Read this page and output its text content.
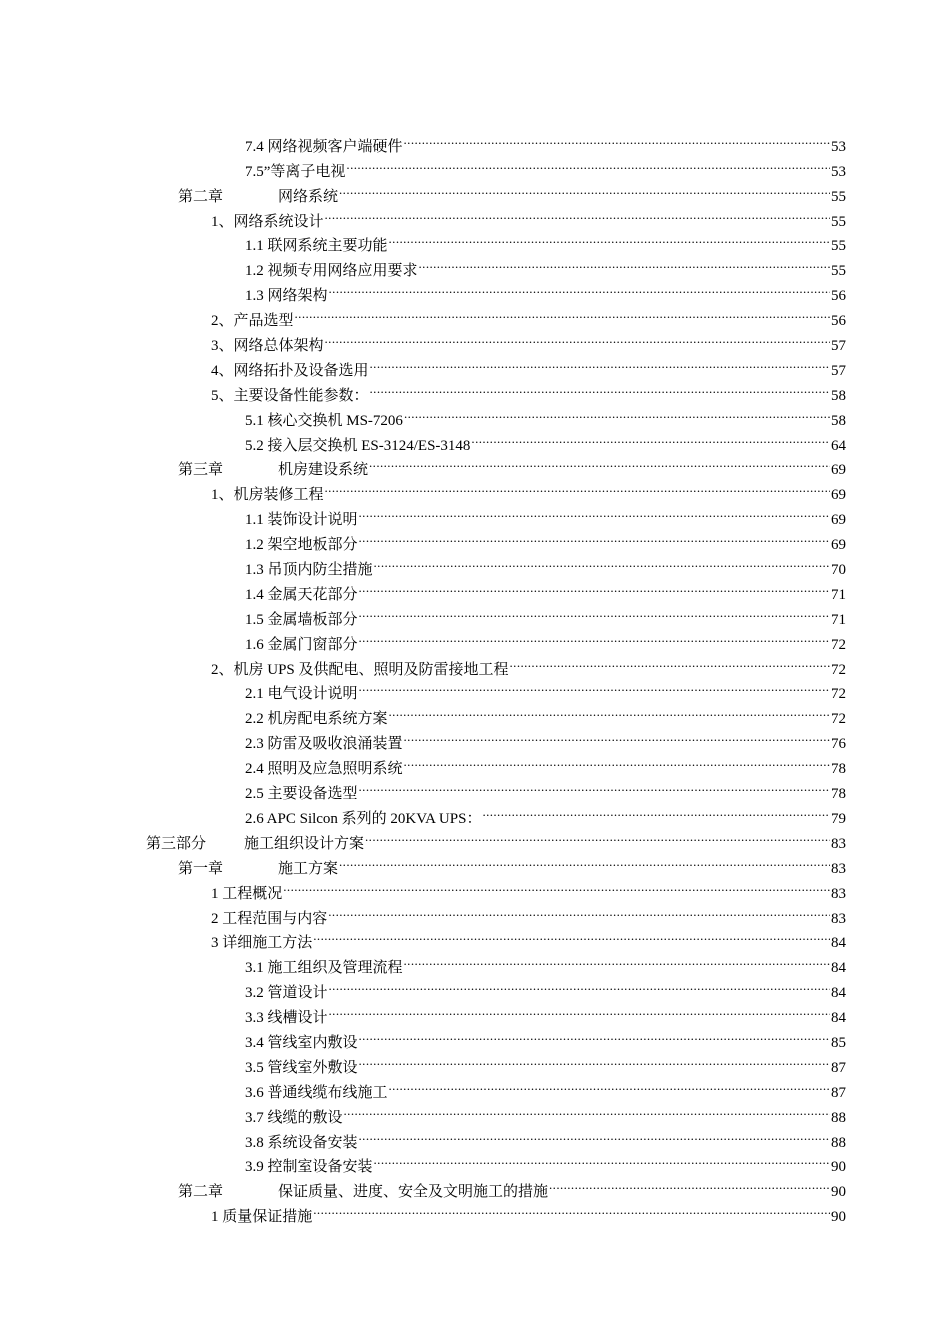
7.4 网络视频客户端硬件 .....	53
7.5”等离子电视 .....	53
第二章	网络系统 .....	55
1、网络系统设计 .....	55
1.1 联网系统主要功能 .....	55
1.2 视频专用网络应用要求 .....	55
1.3 网络架构 .....	56
2、产品选型 .....	56
3、网络总体架构 .....	57
4、网络拓扑及设备选用 .....	57
5、主要设备性能参数： .....	58
5.1 核心交换机 MS-7206 .....	58
5.2 接入层交换机 ES-3124/ES-3148 .....	64
第三章	机房建设系统 .....	69
1、机房装修工程 .....	69
1.1 装饰设计说明 .....	69
1.2 架空地板部分 .....	69
1.3 吊顶内防尘措施 .....	70
1.4 金属天花部分 .....	71
1.5 金属墙板部分 .....	71
1.6 金属门窗部分 .....	72
2、机房 UPS 及供配电、照明及防雷接地工程 .....	72
2.1 电气设计说明 .....	72
2.2 机房配电系统方案 .....	72
2.3 防雷及吸收浪涌装置 .....	76
2.4 照明及应急照明系统 .....	78
2.5 主要设备选型 .....	78
2.6 APC Silcon 系列的 20KVA UPS： .....	79
第三部分	施工组织设计方案 .....	83
第一章	施工方案 .....	83
1 工程概况 .....	83
2 工程范围与内容 .....	83
3 详细施工方法 .....	84
3.1 施工组织及管理流程 .....	84
3.2 管道设计 .....	84
3.3 线槽设计 .....	84
3.4 管线室内敷设 .....	85
3.5 管线室外敷设 .....	87
3.6 普通线缆布线施工 .....	87
3.7 线缆的敷设 .....	88
3.8 系统设备安装 .....	88
3.9 控制室设备安装 .....	90
第二章	保证质量、进度、安全及文明施工的措施 .....	90
1 质量保证措施 .....	90
